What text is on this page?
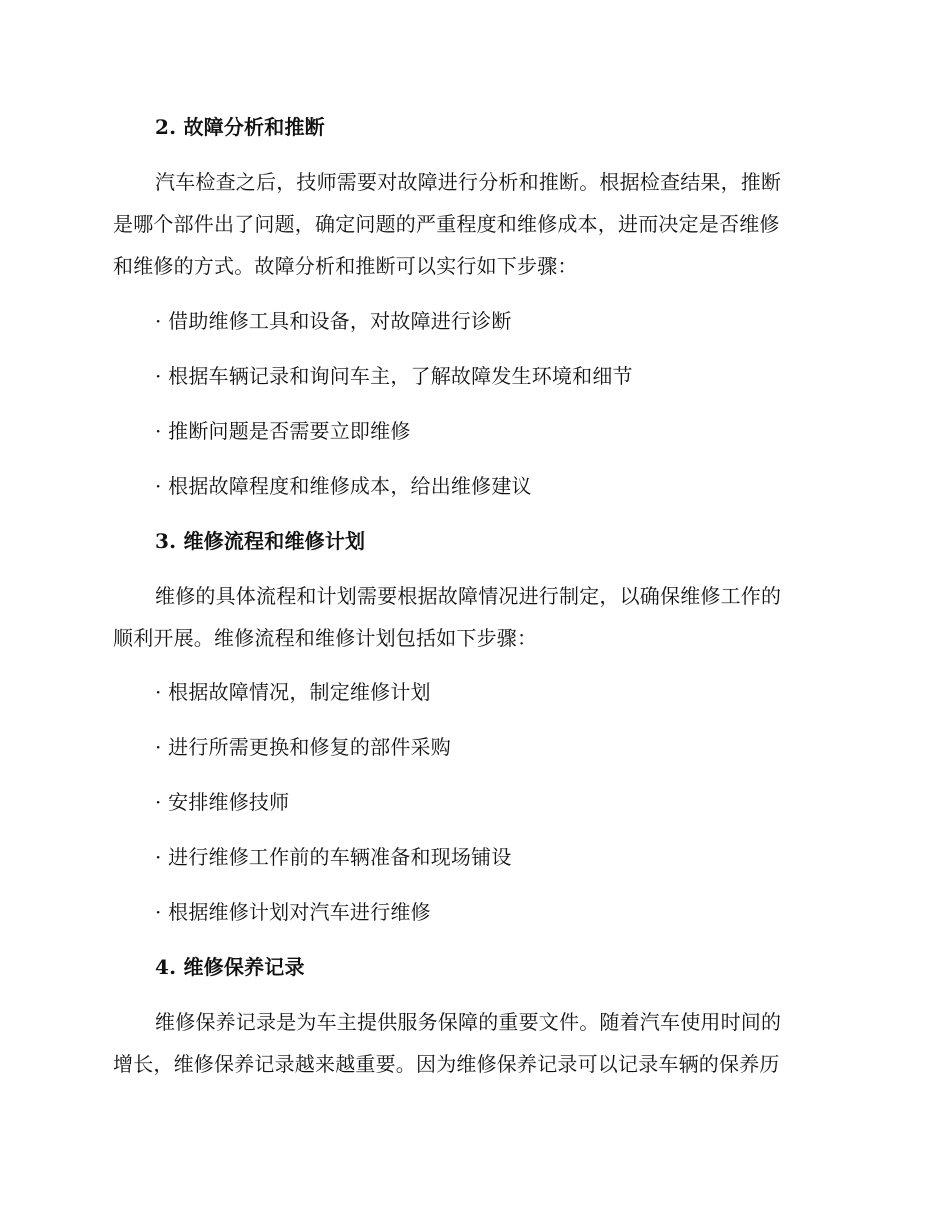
2. 故障分析和推断
汽车检查之后，技师需要对故障进行分析和推断。根据检查结果，推断
是哪个部件出了问题，确定问题的严重程度和维修成本，进而决定是否维修
和维修的方式。故障分析和推断可以实行如下步骤：
· 借助维修工具和设备，对故障进行诊断
· 根据车辆记录和询问车主，了解故障发生环境和细节
· 推断问题是否需要立即维修
· 根据故障程度和维修成本，给出维修建议
3. 维修流程和维修计划
维修的具体流程和计划需要根据故障情况进行制定，以确保维修工作的
顺利开展。维修流程和维修计划包括如下步骤：
· 根据故障情况，制定维修计划
· 进行所需更换和修复的部件采购
· 安排维修技师
· 进行维修工作前的车辆准备和现场铺设
· 根据维修计划对汽车进行维修
4. 维修保养记录
维修保养记录是为车主提供服务保障的重要文件。随着汽车使用时间的
增长，维修保养记录越来越重要。因为维修保养记录可以记录车辆的保养历
